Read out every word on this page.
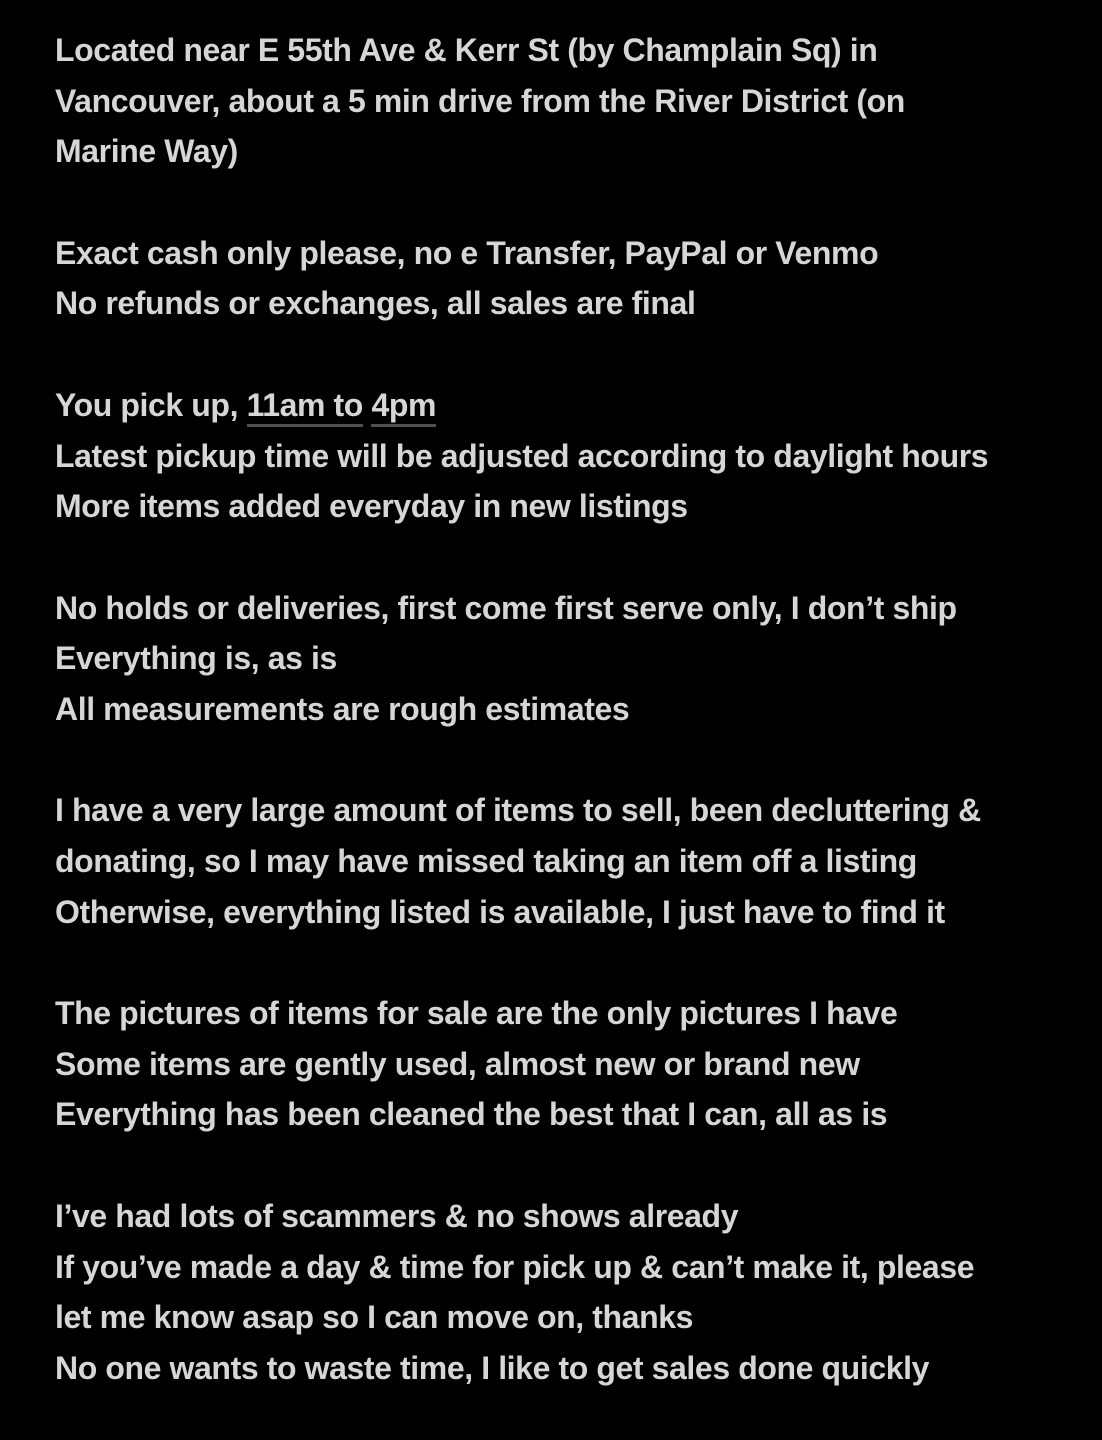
Located near E 55th Ave & Kerr St (by Champlain Sq) in
Vancouver, about a 5 min drive from the River District (on
Marine Way)
Exact cash only please, no e Transfer, PayPal or Venmo
No refunds or exchanges, all sales are final
You pick up, 11am to 4pm
Latest pickup time will be adjusted according to daylight hours
More items added everyday in new listings
No holds or deliveries, first come first serve only, I don’t ship
Everything is, as is
All measurements are rough estimates
I have a very large amount of items to sell, been decluttering &
donating, so I may have missed taking an item off a listing
Otherwise, everything listed is available, I just have to find it
The pictures of items for sale are the only pictures I have
Some items are gently used, almost new or brand new
Everything has been cleaned the best that I can, all as is
I’ve had lots of scammers & no shows already
If you’ve made a day & time for pick up & can’t make it, please
let me know asap so I can move on, thanks
No one wants to waste time, I like to get sales done quickly
